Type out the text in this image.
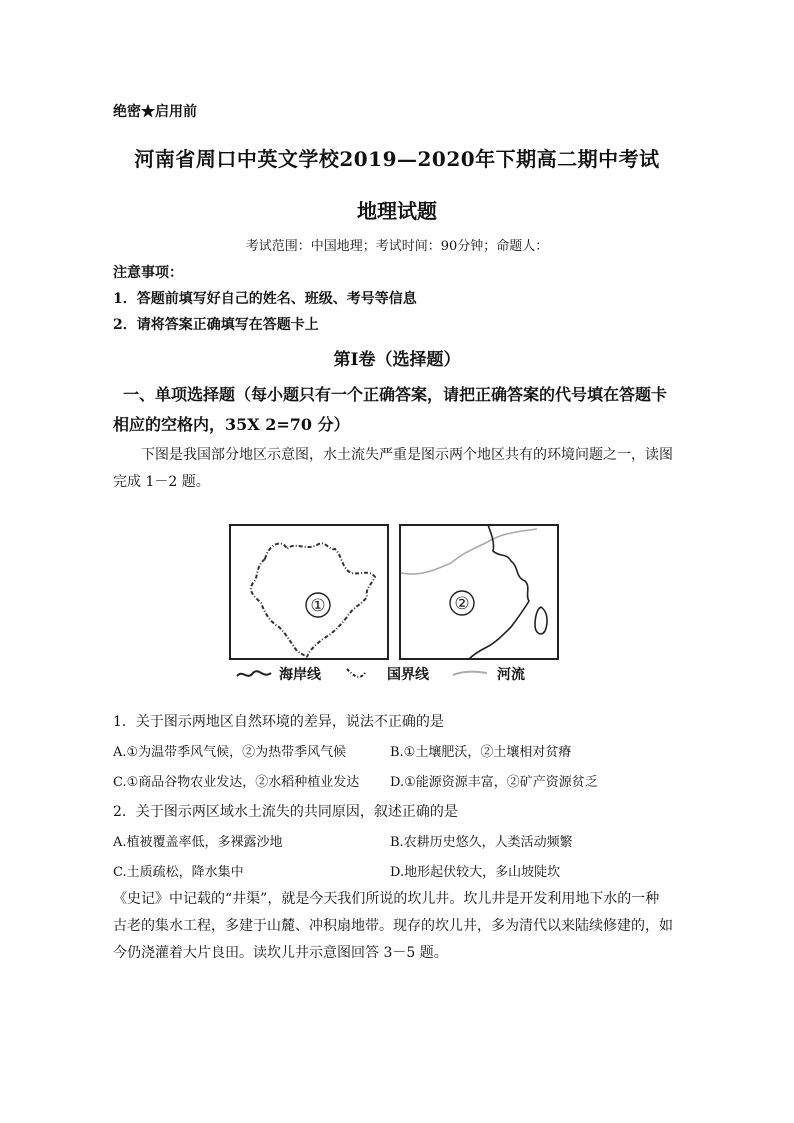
绝密★启用前
河南省周口中英文学校2019—2020年下期高二期中考试
地理试题
考试范围：中国地理；考试时间：90分钟；命题人：
注意事项：
1．答题前填写好自己的姓名、班级、考号等信息
2．请将答案正确填写在答题卡上
第Ⅰ卷（选择题）
一、单项选择题（每小题只有一个正确答案，请把正确答案的代号填在答题卡
相应的空格内，35X 2=70 分）
下图是我国部分地区示意图，水土流失严重是图示两个地区共有的环境问题之一，读图
完成 1－2 题。
①	②
海岸线	国界线	河流
1．关于图示两地区自然环境的差异，说法不正确的是
A.①为温带季风气候，②为热带季风气候	B.①土壤肥沃，②土壤相对贫瘠
C.①商品谷物农业发达，②水稻种植业发达 D.①能源资源丰富，②矿产资源贫乏
2．关于图示两区域水土流失的共同原因，叙述正确的是
A.植被覆盖率低，多裸露沙地	B.农耕历史悠久，人类活动频繁
C.土质疏松，降水集中	D.地形起伏较大，多山坡陡坎
《史记》中记载的“井渠”，就是今天我们所说的坎儿井。坎儿井是开发利用地下水的一种
古老的集水工程，多建于山麓、冲积扇地带。现存的坎儿井，多为清代以来陆续修建的，如
今仍浇灌着大片良田。读坎儿井示意图回答 3－5 题。
